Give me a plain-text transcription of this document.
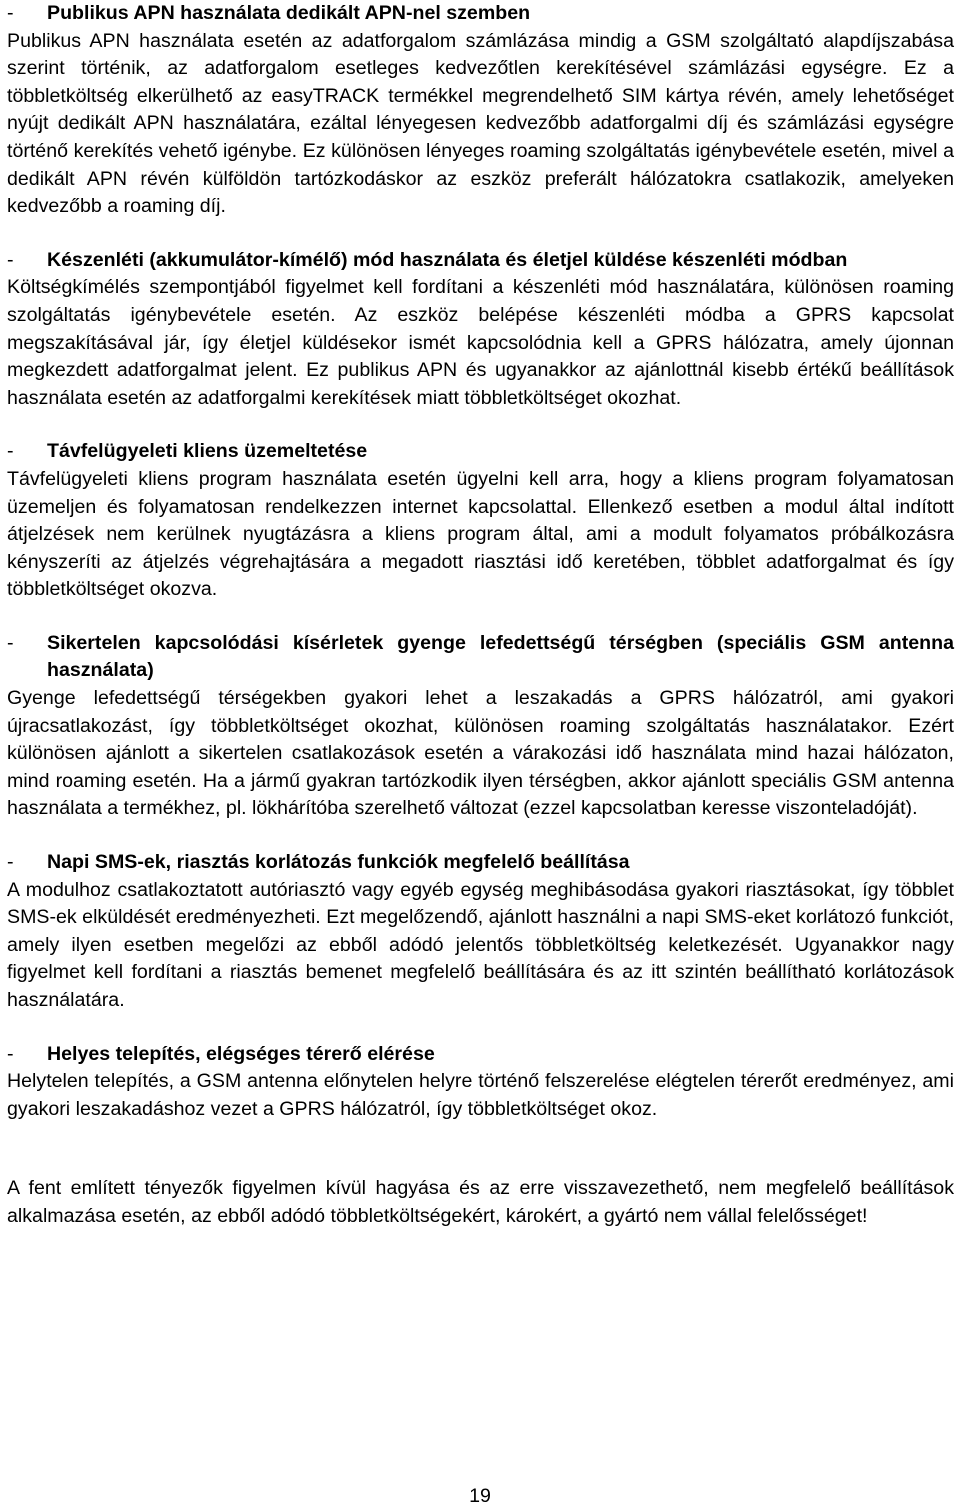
-	Publikus APN használata dedikált APN-nel szemben

Publikus APN használata esetén az adatforgalom számlázása mindig a GSM szolgáltató alapdíjszabása szerint történik, az adatforgalom esetleges kedvezőtlen kerekítésével számlázási egységre. Ez a többletköltség elkerülhető az easyTRACK termékkel megrendelhető SIM kártya révén, amely lehetőséget nyújt dedikált APN használatára, ezáltal lényegesen kedvezőbb adatforgalmi díj és számlázási egységre történő kerekítés vehető igénybe. Ez különösen lényeges roaming szolgáltatás igénybevétele esetén, mivel a dedikált APN révén külföldön tartózkodáskor az eszköz preferált hálózatokra csatlakozik, amelyeken kedvezőbb a roaming díj.

-	Készenléti (akkumulátor-kímélő) mód használata és életjel küldése készenléti módban

Költségkímélés szempontjából figyelmet kell fordítani a készenléti mód használatára, különösen roaming szolgáltatás igénybevétele esetén. Az eszköz belépése készenléti módba a GPRS kapcsolat megszakításával jár, így életjel küldésekor ismét kapcsolódnia kell a GPRS hálózatra, amely újonnan megkezdett adatforgalmat jelent. Ez publikus APN és ugyanakkor az ajánlottnál kisebb értékű beállítások használata esetén az adatforgalmi kerekítések miatt többletköltséget okozhat.

-	Távfelügyeleti kliens üzemeltetése

Távfelügyeleti kliens program használata esetén ügyelni kell arra, hogy a kliens program folyamatosan üzemeljen és folyamatosan rendelkezzen internet kapcsolattal. Ellenkező esetben a modul által indított átjelzések nem kerülnek nyugtázásra a kliens program által, ami a modult folyamatos próbálkozásra kényszeríti az átjelzés végrehajtására a megadott riasztási idő keretében, többlet adatforgalmat és így többletköltséget okozva.

-	Sikertelen kapcsolódási kísérletek gyenge lefedettségű térségben (speciális GSM antenna használata)

Gyenge lefedettségű térségekben gyakori lehet a leszakadás a GPRS hálózatról, ami gyakori újracsatlakozást, így többletköltséget okozhat, különösen roaming szolgáltatás használatakor. Ezért különösen ajánlott a sikertelen csatlakozások esetén a várakozási idő használata mind hazai hálózaton, mind roaming esetén. Ha a jármű gyakran tartózkodik ilyen térségben, akkor ajánlott speciális GSM antenna használata a termékhez, pl. lökhárítóba szerelhető változat (ezzel kapcsolatban keresse viszonteladóját).

-	Napi SMS-ek, riasztás korlátozás funkciók megfelelő beállítása

A modulhoz csatlakoztatott autóriasztó vagy egyéb egység meghibásodása gyakori riasztásokat, így többlet SMS-ek elküldését eredményezheti. Ezt megelőzendő, ajánlott használni a napi SMS-eket korlátozó funkciót, amely ilyen esetben megelőzi az ebből adódó jelentős többletköltség keletkezését. Ugyanakkor nagy figyelmet kell fordítani a riasztás bemenet megfelelő beállítására és az itt szintén beállítható korlátozások használatára.

-	Helyes telepítés, elégséges térerő elérése

Helytelen telepítés, a GSM antenna előnytelen helyre történő felszerelése elégtelen térerőt eredményez, ami gyakori leszakadáshoz vezet a GPRS hálózatról, így többletköltséget okoz.

A fent említett tényezők figyelmen kívül hagyása és az erre visszavezethető, nem megfelelő beállítások alkalmazása esetén, az ebből adódó többletköltségekért, károkért, a gyártó nem vállal felelősséget!

19
